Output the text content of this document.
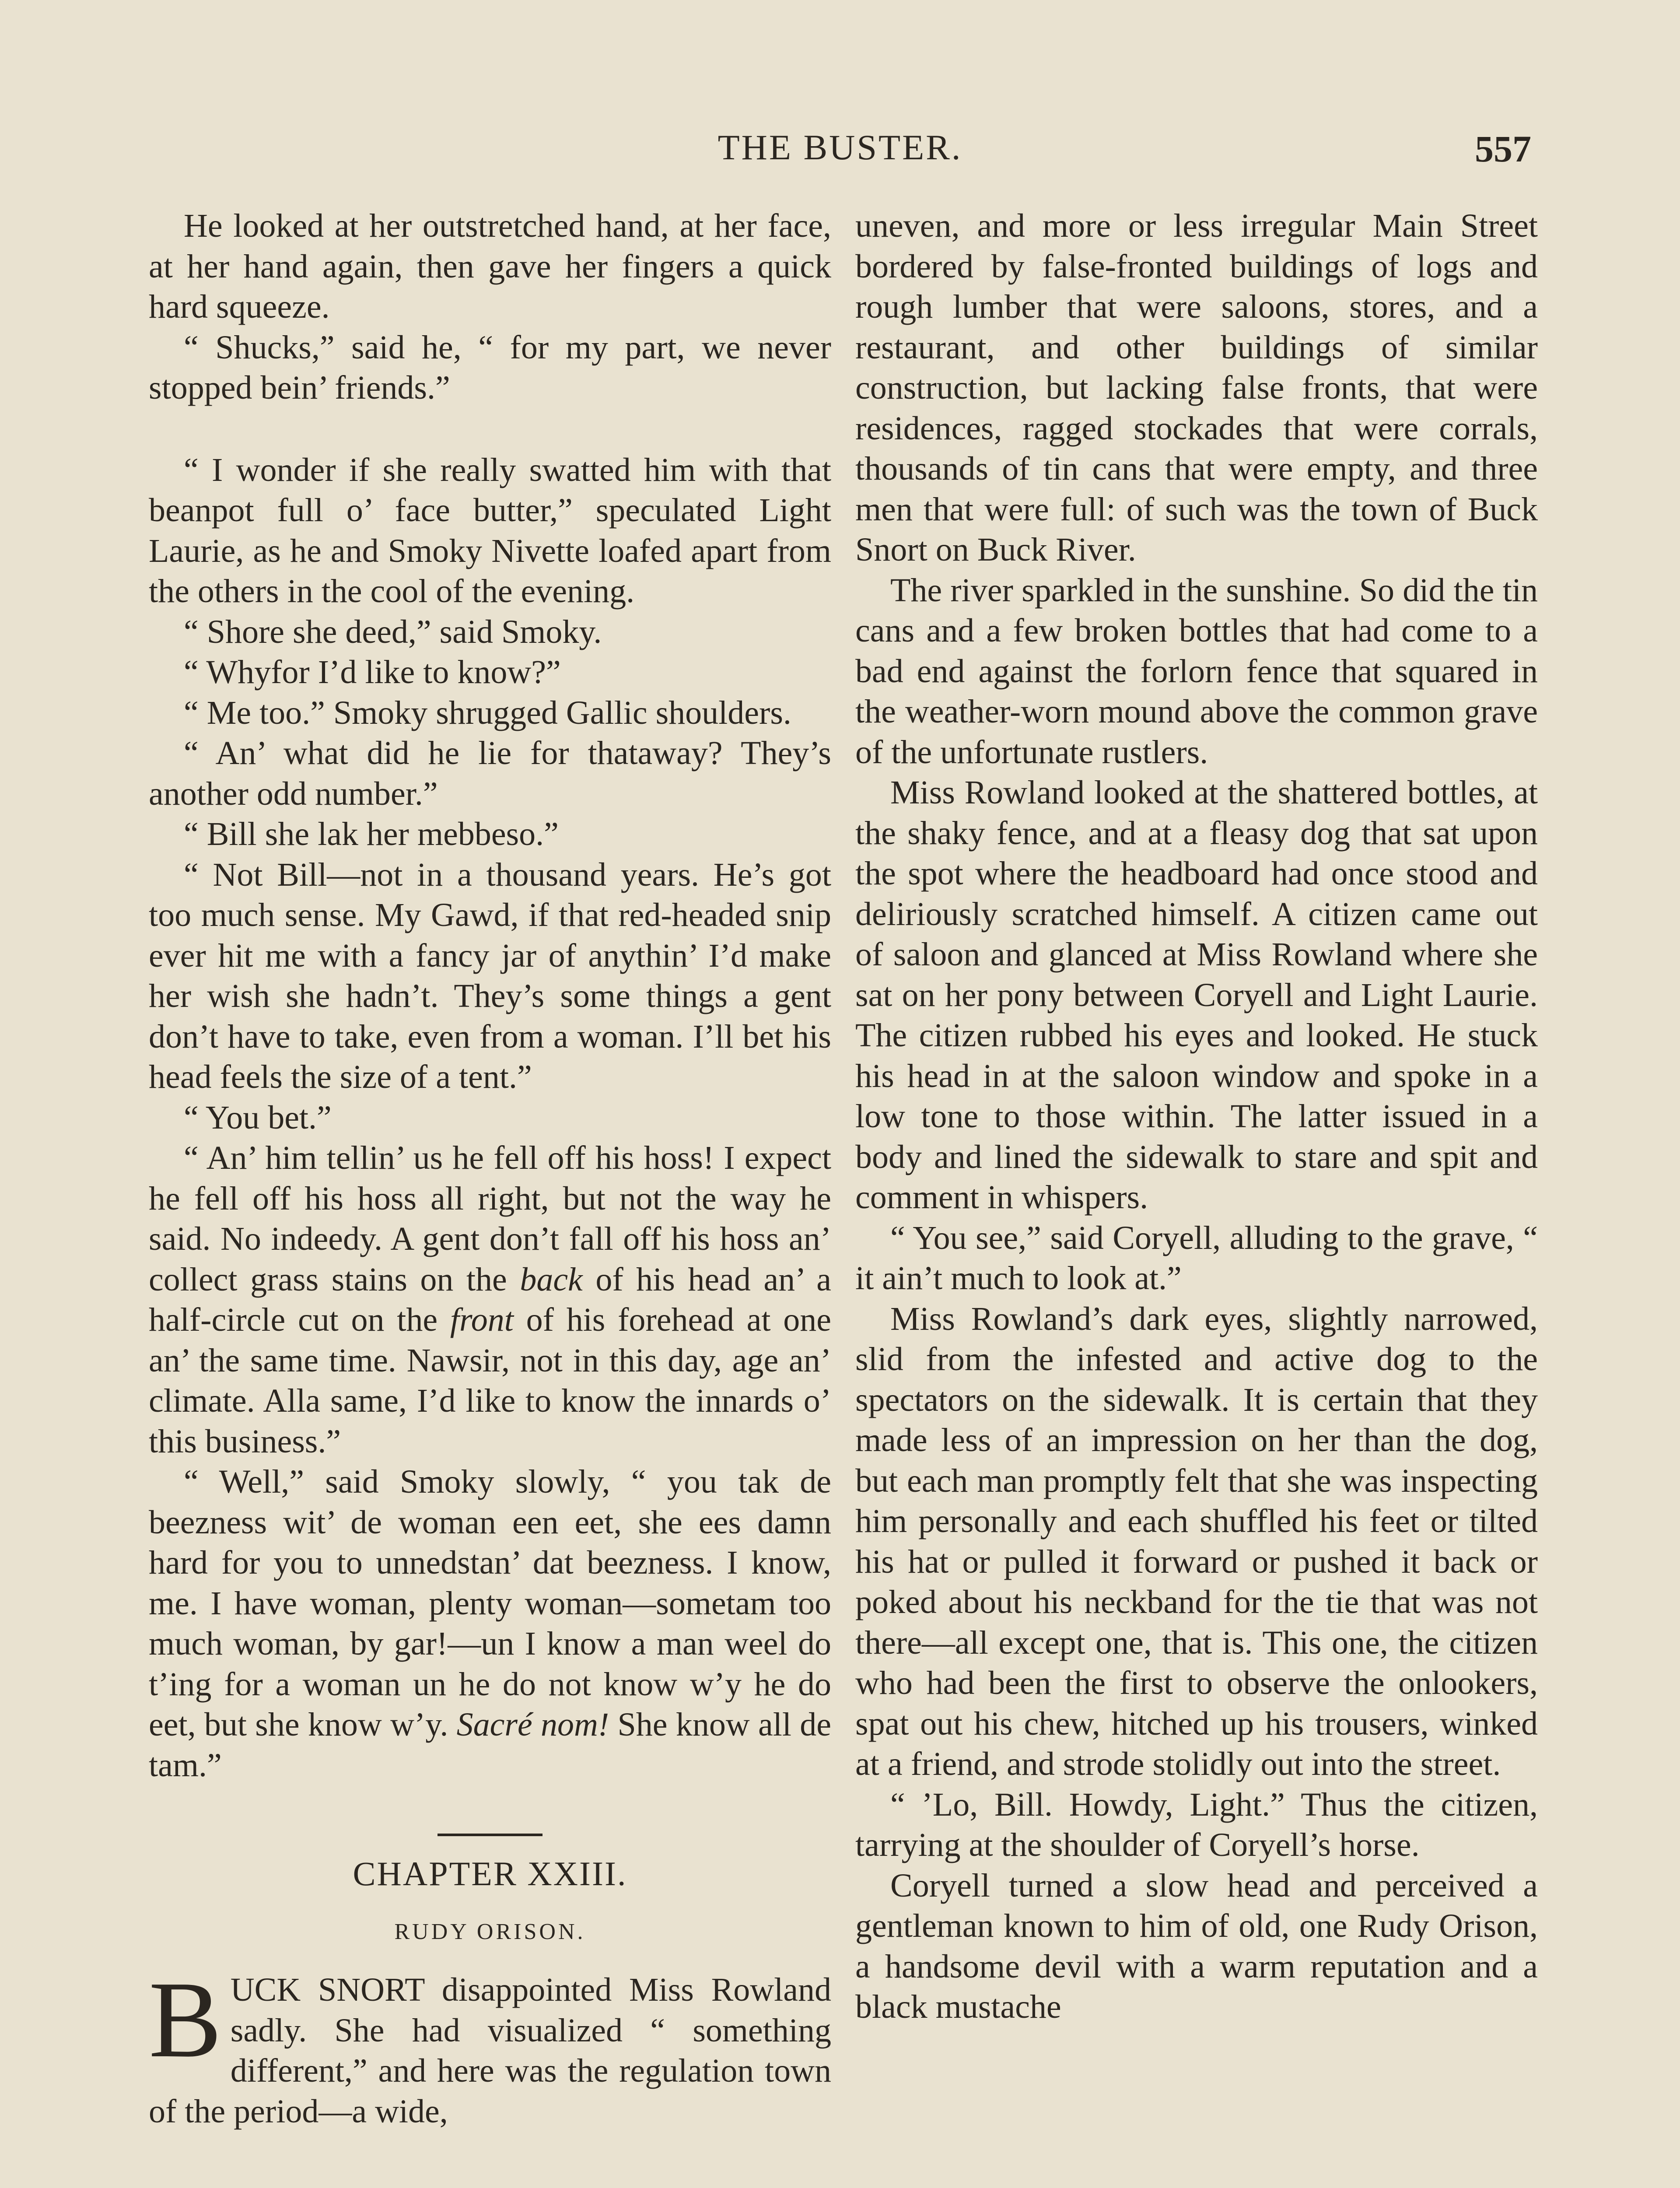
THE BUSTER.	557

He looked at her outstretched hand, at her face, at her hand again, then gave her fingers a quick hard squeeze.

“ Shucks,” said he, “ for my part, we never stopped bein’ friends.”

“ I wonder if she really swatted him with that beanpot full o’ face butter,” speculated Light Laurie, as he and Smoky Nivette loafed apart from the others in the cool of the evening.

“ Shore she deed,” said Smoky.

“ Whyfor I’d like to know?”

“ Me too.” Smoky shrugged Gallic shoulders.

“ An’ what did he lie for thataway? They’s another odd number.”

“ Bill she lak her mebbeso.”

“ Not Bill—not in a thousand years. He’s got too much sense. My Gawd, if that red-headed snip ever hit me with a fancy jar of anythin’ I’d make her wish she hadn’t. They’s some things a gent don’t have to take, even from a woman. I’ll bet his head feels the size of a tent.”

“ You bet.”

“ An’ him tellin’ us he fell off his hoss! I expect he fell off his hoss all right, but not the way he said. No indeedy. A gent don’t fall off his hoss an’ collect grass stains on the back of his head an’ a half-circle cut on the front of his forehead at one an’ the same time. Nawsir, not in this day, age an’ climate. Alla same, I’d like to know the innards o’ this business.”

“ Well,” said Smoky slowly, “ you tak de beezness wit’ de woman een eet, she ees damn hard for you to unnedstan’ dat beezness. I know, me. I have woman, plenty woman—sometam too much woman, by gar!—un I know a man weel do t’ing for a woman un he do not know w’y he do eet, but she know w’y. Sacré nom! She know all de tam.”

CHAPTER XXIII.

RUDY ORISON.

BUCK SNORT disappointed Miss Rowland sadly. She had visualized “ something different,” and here was the regulation town of the period—a wide,

uneven, and more or less irregular Main Street bordered by false-fronted buildings of logs and rough lumber that were saloons, stores, and a restaurant, and other buildings of similar construction, but lacking false fronts, that were residences, ragged stockades that were corrals, thousands of tin cans that were empty, and three men that were full: of such was the town of Buck Snort on Buck River.

The river sparkled in the sunshine. So did the tin cans and a few broken bottles that had come to a bad end against the forlorn fence that squared in the weather-worn mound above the common grave of the unfortunate rustlers.

Miss Rowland looked at the shattered bottles, at the shaky fence, and at a fleasy dog that sat upon the spot where the headboard had once stood and deliriously scratched himself. A citizen came out of saloon and glanced at Miss Rowland where she sat on her pony between Coryell and Light Laurie. The citizen rubbed his eyes and looked. He stuck his head in at the saloon window and spoke in a low tone to those within. The latter issued in a body and lined the sidewalk to stare and spit and comment in whispers.

“ You see,” said Coryell, alluding to the grave, “ it ain’t much to look at.”

Miss Rowland’s dark eyes, slightly narrowed, slid from the infested and active dog to the spectators on the sidewalk. It is certain that they made less of an impression on her than the dog, but each man promptly felt that she was inspecting him personally and each shuffled his feet or tilted his hat or pulled it forward or pushed it back or poked about his neckband for the tie that was not there—all except one, that is. This one, the citizen who had been the first to observe the onlookers, spat out his chew, hitched up his trousers, winked at a friend, and strode stolidly out into the street.

“ ’Lo, Bill. Howdy, Light.” Thus the citizen, tarrying at the shoulder of Coryell’s horse.

Coryell turned a slow head and perceived a gentleman known to him of old, one Rudy Orison, a handsome devil with a warm reputation and a black mustache
